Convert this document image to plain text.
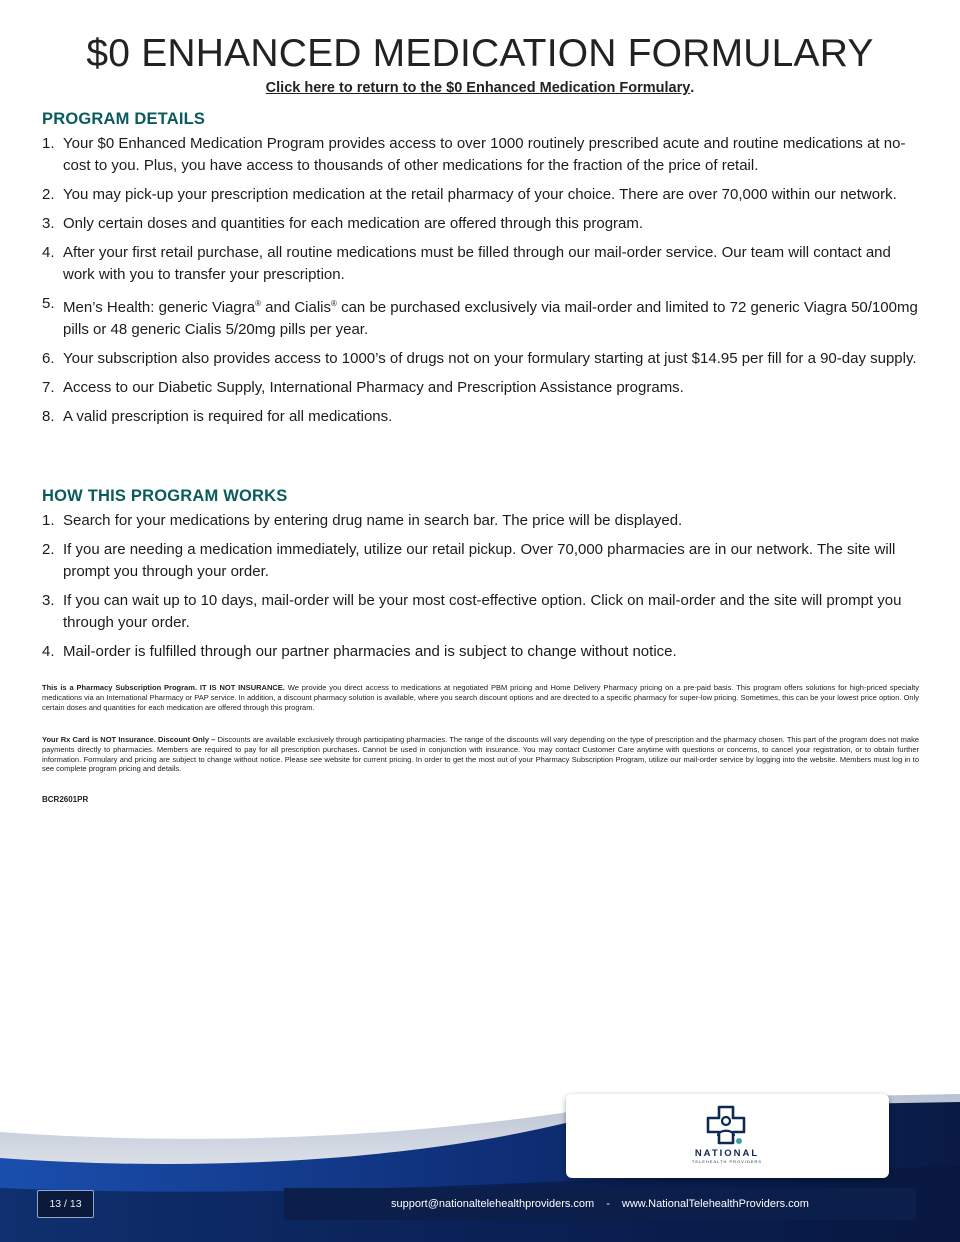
$0 ENHANCED MEDICATION FORMULARY
Click here to return to the $0 Enhanced Medication Formulary.
PROGRAM DETAILS
1. Your $0 Enhanced Medication Program provides access to over 1000 routinely prescribed acute and routine medications at no-cost to you. Plus, you have access to thousands of other medications for the fraction of the price of retail.
2. You may pick-up your prescription medication at the retail pharmacy of your choice. There are over 70,000 within our network.
3. Only certain doses and quantities for each medication are offered through this program.
4. After your first retail purchase, all routine medications must be filled through our mail-order service. Our team will contact and work with you to transfer your prescription.
5. Men’s Health: generic Viagra® and Cialis® can be purchased exclusively via mail-order and limited to 72 generic Viagra 50/100mg pills or 48 generic Cialis 5/20mg pills per year.
6. Your subscription also provides access to 1000’s of drugs not on your formulary starting at just $14.95 per fill for a 90-day supply.
7. Access to our Diabetic Supply, International Pharmacy and Prescription Assistance programs.
8. A valid prescription is required for all medications.
HOW THIS PROGRAM WORKS
1. Search for your medications by entering drug name in search bar. The price will be displayed.
2. If you are needing a medication immediately, utilize our retail pickup. Over 70,000 pharmacies are in our network. The site will prompt you through your order.
3. If you can wait up to 10 days, mail-order will be your most cost-effective option. Click on mail-order and the site will prompt you through your order.
4. Mail-order is fulfilled through our partner pharmacies and is subject to change without notice.

This is a Pharmacy Subscription Program. IT IS NOT INSURANCE. We provide you direct access to medications at negotiated PBM pricing and Home Delivery Pharmacy pricing on a pre-paid basis. This program offers solutions for high-priced specialty medications via an International Pharmacy or PAP service. In addition, a discount pharmacy solution is available, where you search discount options and are directed to a specific pharmacy for super-low pricing. Sometimes, this can be your lowest price option. Only certain doses and quantities for each medication are offered through this program.

Your Rx Card is NOT Insurance. Discount Only – Discounts are available exclusively through participating pharmacies. The range of the discounts will vary depending on the type of prescription and the pharmacy chosen. This part of the program does not make payments directly to pharmacies. Members are required to pay for all prescription purchases. Cannot be used in conjunction with insurance. You may contact Customer Care anytime with questions or concerns, to cancel your registration, or to obtain further information. Formulary and pricing are subject to change without notice. Please see website for current pricing. In order to get the most out of your Pharmacy Subscription Program, utilize our mail-order service by logging into the website. Members must log in to see complete program pricing and details.

BCR2601PR
NATIONAL
TELEHEALTH PROVIDERS
13 / 13	support@nationaltelehealthproviders.com - www.NationalTelehealthProviders.com
